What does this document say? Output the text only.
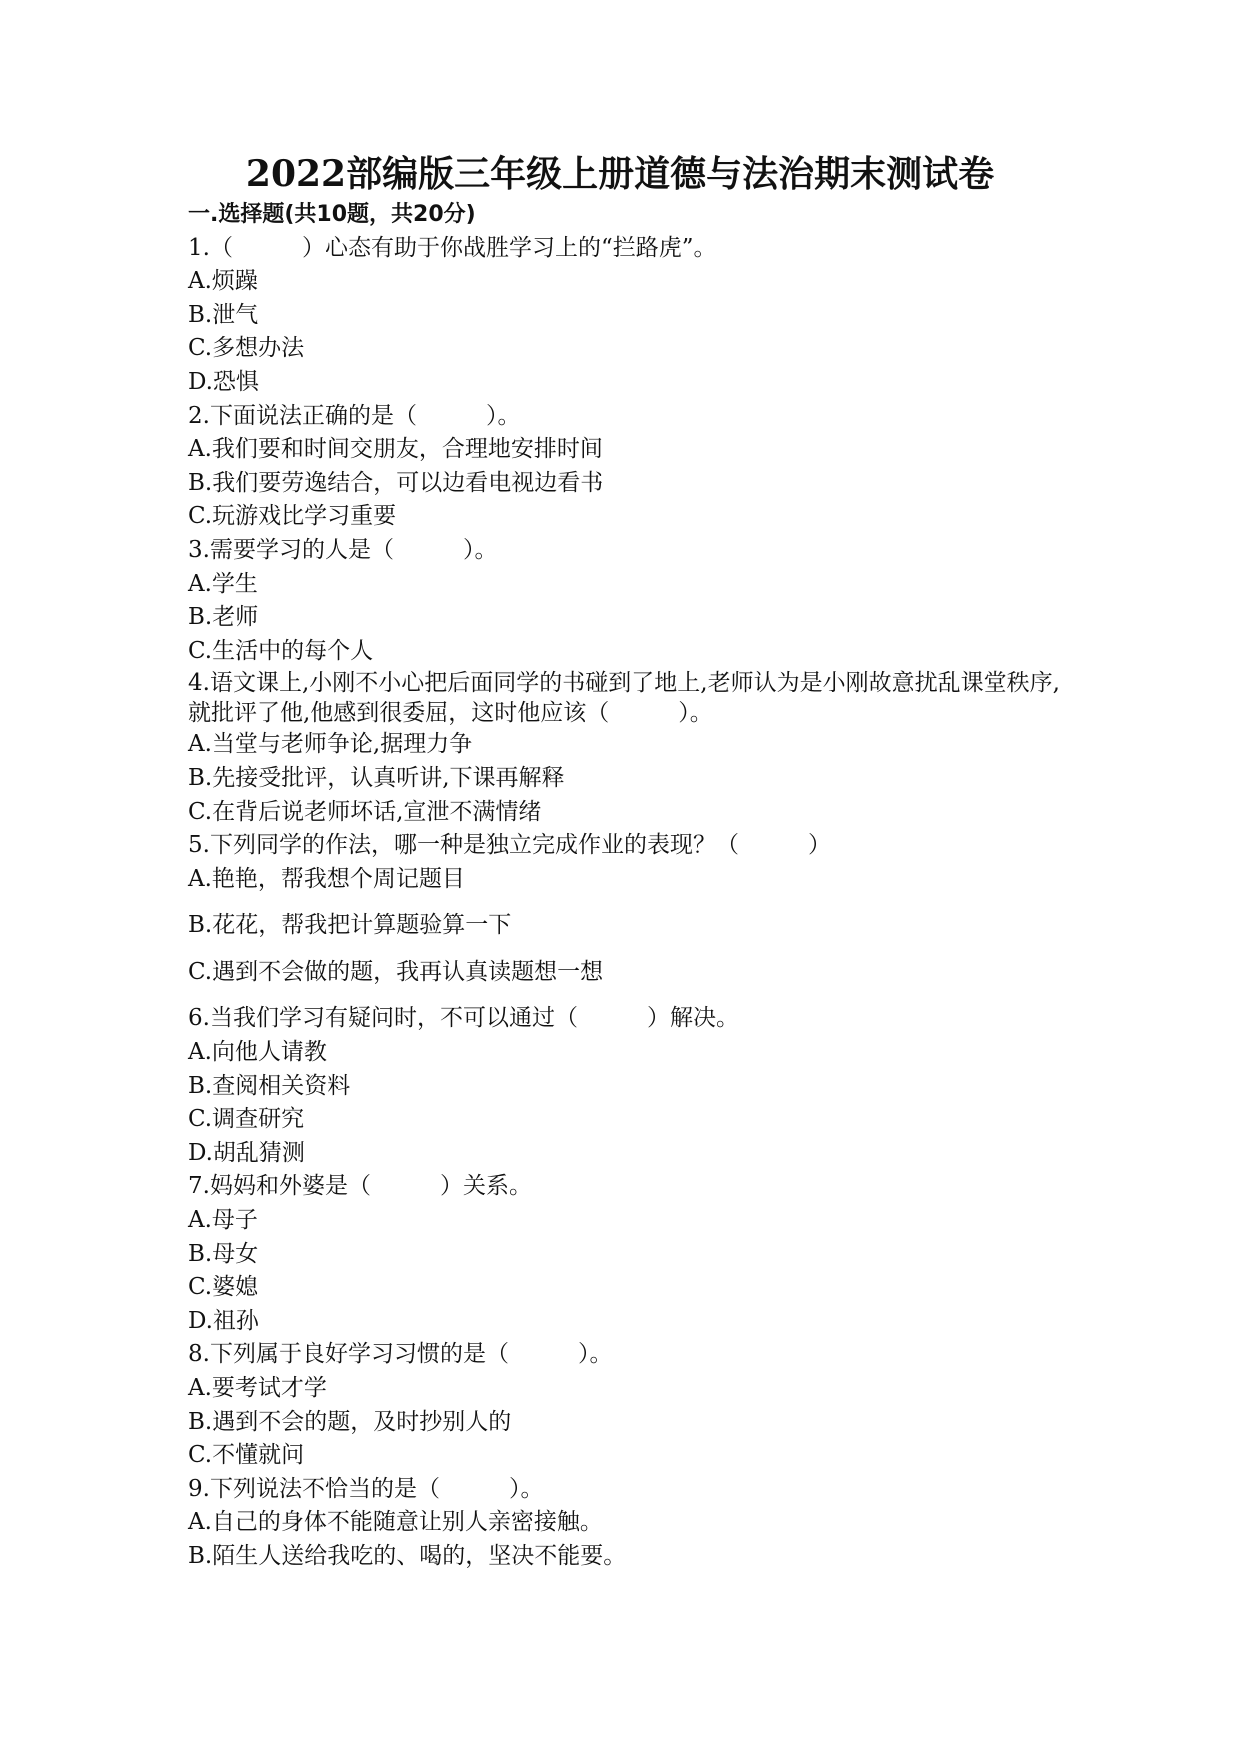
2022部编版三年级上册道德与法治期末测试卷
一.选择题(共10题，共20分)
1.（　　　）心态有助于你战胜学习上的“拦路虎”。
A.烦躁
B.泄气
C.多想办法
D.恐惧
2.下面说法正确的是（　　　）。
A.我们要和时间交朋友，合理地安排时间
B.我们要劳逸结合，可以边看电视边看书
C.玩游戏比学习重要
3.需要学习的人是（　　　）。
A.学生
B.老师
C.生活中的每个人
4.语文课上,小刚不小心把后面同学的书碰到了地上,老师认为是小刚故意扰乱课堂秩序,就批评了他,他感到很委屈，这时他应该（　　　）。
A.当堂与老师争论,据理力争
B.先接受批评，认真听讲,下课再解释
C.在背后说老师坏话,宣泄不满情绪
5.下列同学的作法，哪一种是独立完成作业的表现？（　　　）
A.艳艳，帮我想个周记题目
B.花花，帮我把计算题验算一下
C.遇到不会做的题，我再认真读题想一想
6.当我们学习有疑问时，不可以通过（　　　）解决。
A.向他人请教
B.查阅相关资料
C.调查研究
D.胡乱猜测
7.妈妈和外婆是（　　　）关系。
A.母子
B.母女
C.婆媳
D.祖孙
8.下列属于良好学习习惯的是（　　　）。
A.要考试才学
B.遇到不会的题，及时抄别人的
C.不懂就问
9.下列说法不恰当的是（　　　）。
A.自己的身体不能随意让别人亲密接触。
B.陌生人送给我吃的、喝的，坚决不能要。
